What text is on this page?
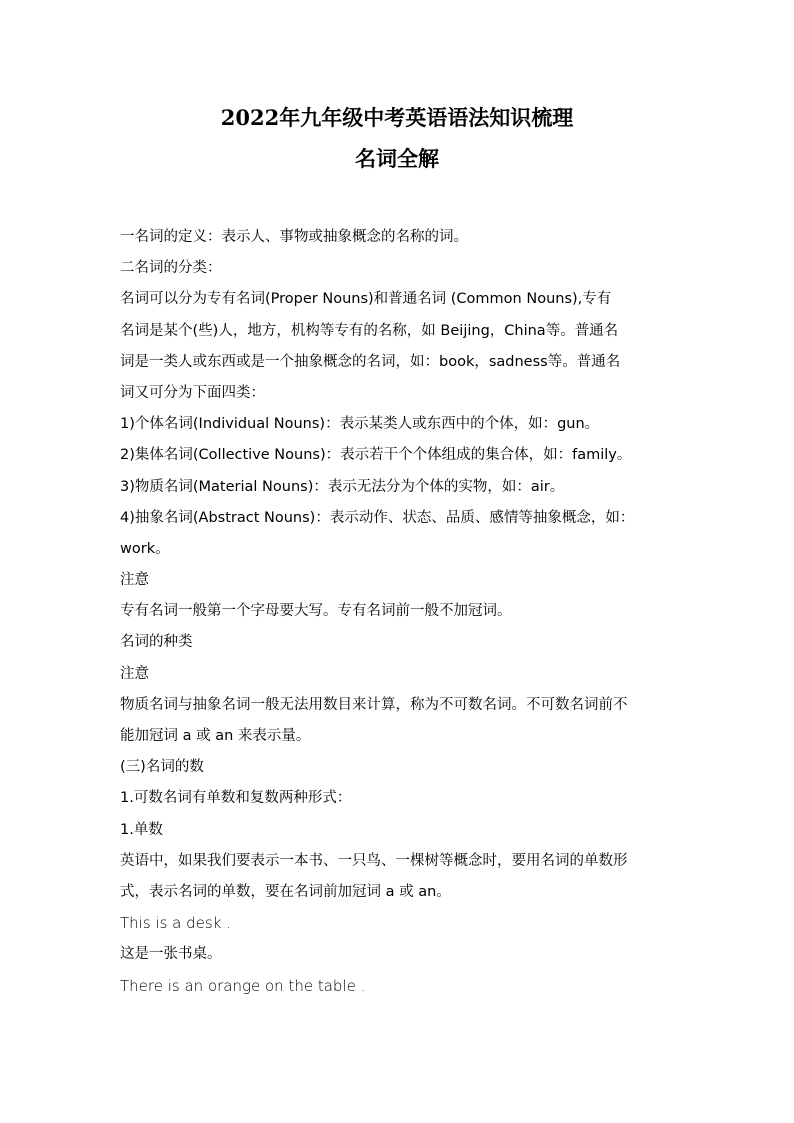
2022年九年级中考英语语法知识梳理
名词全解

一名词的定义：表示人、事物或抽象概念的名称的词。

二名词的分类：

名词可以分为专有名词(Proper Nouns)和普通名词 (Common Nouns),专有

名词是某个(些)人，地方，机构等专有的名称，如 Beijing，China等。普通名

词是一类人或东西或是一个抽象概念的名词，如：book，sadness等。普通名

词又可分为下面四类：

1)个体名词(Individual Nouns)：表示某类人或东西中的个体，如：gun。

2)集体名词(Collective Nouns)：表示若干个个体组成的集合体，如：family。

3)物质名词(Material Nouns)：表示无法分为个体的实物，如：air。

4)抽象名词(Abstract Nouns)：表示动作、状态、品质、感情等抽象概念，如：

work。

注意

专有名词一般第一个字母要大写。专有名词前一般不加冠词。

名词的种类

注意

物质名词与抽象名词一般无法用数目来计算，称为不可数名词。不可数名词前不

能加冠词 a 或 an 来表示量。

(三)名词的数

1.可数名词有单数和复数两种形式：

1.单数

英语中，如果我们要表示一本书、一只鸟、一棵树等概念时，要用名词的单数形

式，表示名词的单数，要在名词前加冠词 a 或 an。

This is a desk .

这是一张书桌。

There is an orange on the table .
